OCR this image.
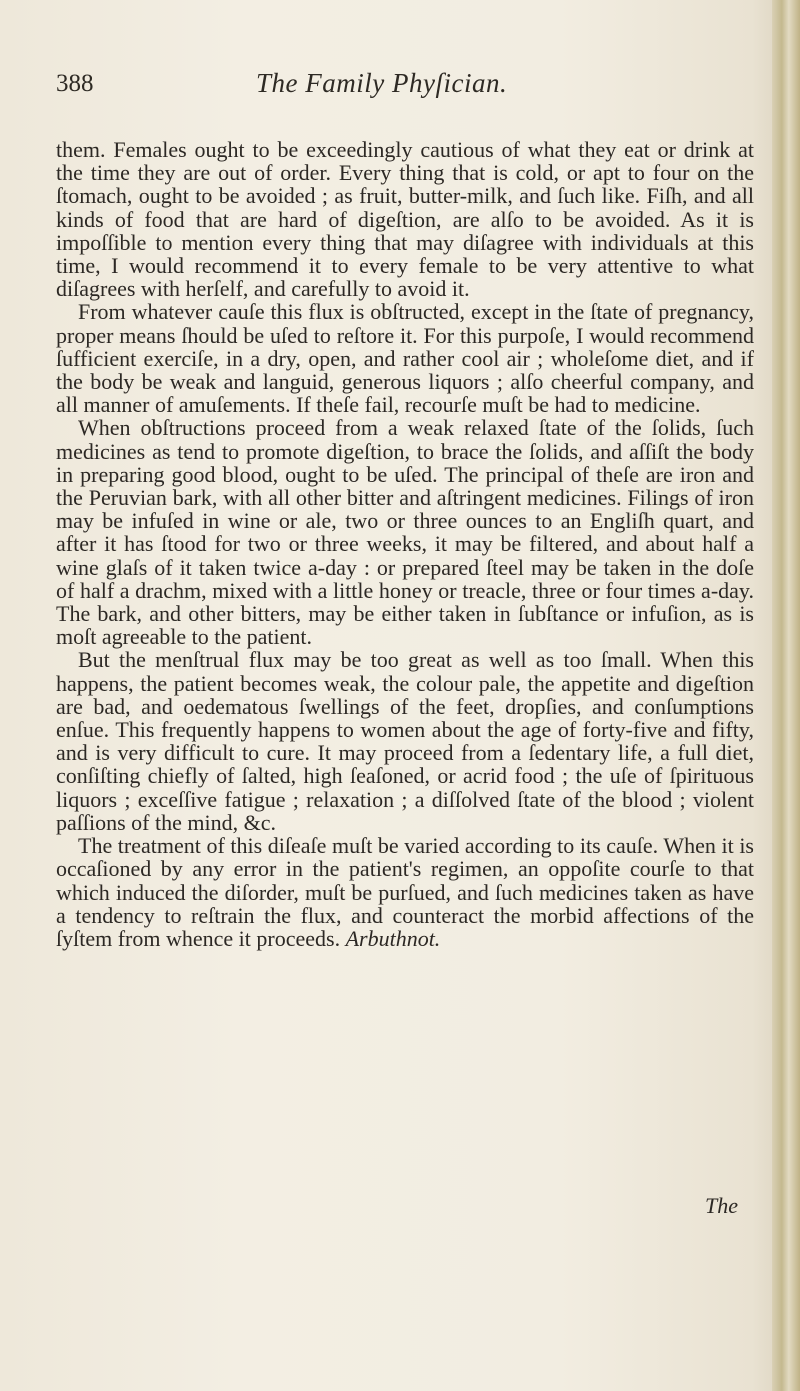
388	The Family Phyſician.

them. Females ought to be exceedingly cautious of what they eat or drink at the time they are out of order. Every thing that is cold, or apt to four on the ſtomach, ought to be avoided ; as fruit, butter-milk, and ſuch like. Fiſh, and all kinds of food that are hard of digeſtion, are alſo to be avoided. As it is impoſſible to mention every thing that may diſagree with individuals at this time, I would recommend it to every female to be very attentive to what diſagrees with herſelf, and carefully to avoid it.

From whatever cauſe this flux is obſtructed, except in the ſtate of pregnancy, proper means ſhould be uſed to reſtore it. For this purpoſe, I would recommend ſufficient exerciſe, in a dry, open, and rather cool air ; wholeſome diet, and if the body be weak and languid, generous liquors ; alſo cheerful company, and all manner of amuſements. If theſe fail, recourſe muſt be had to medicine.

When obſtructions proceed from a weak relaxed ſtate of the ſolids, ſuch medicines as tend to promote digeſtion, to brace the ſolids, and aſſiſt the body in preparing good blood, ought to be uſed. The principal of theſe are iron and the Peruvian bark, with all other bitter and aſtringent medicines. Filings of iron may be infuſed in wine or ale, two or three ounces to an Engliſh quart, and after it has ſtood for two or three weeks, it may be filtered, and about half a wine glaſs of it taken twice a-day : or prepared ſteel may be taken in the doſe of half a drachm, mixed with a little honey or treacle, three or four times a-day. The bark, and other bitters, may be either taken in ſubſtance or infuſion, as is moſt agreeable to the patient.

But the menſtrual flux may be too great as well as too ſmall. When this happens, the patient becomes weak, the colour pale, the appetite and digeſtion are bad, and oedematous ſwellings of the feet, dropſies, and conſumptions enſue. This frequently happens to women about the age of forty-five and fifty, and is very difficult to cure. It may proceed from a ſedentary life, a full diet, conſiſting chiefly of ſalted, high ſeaſoned, or acrid food ; the uſe of ſpirituous liquors ; exceſſive fatigue ; relaxation ; a diſſolved ſtate of the blood ; violent paſſions of the mind, &c.

The treatment of this diſeaſe muſt be varied according to its cauſe. When it is occaſioned by any error in the patient's regimen, an oppoſite courſe to that which induced the diſorder, muſt be purſued, and ſuch medicines taken as have a tendency to reſtrain the flux, and counteract the morbid affections of the ſyſtem from whence it proceeds. Arbuthnot.

The
